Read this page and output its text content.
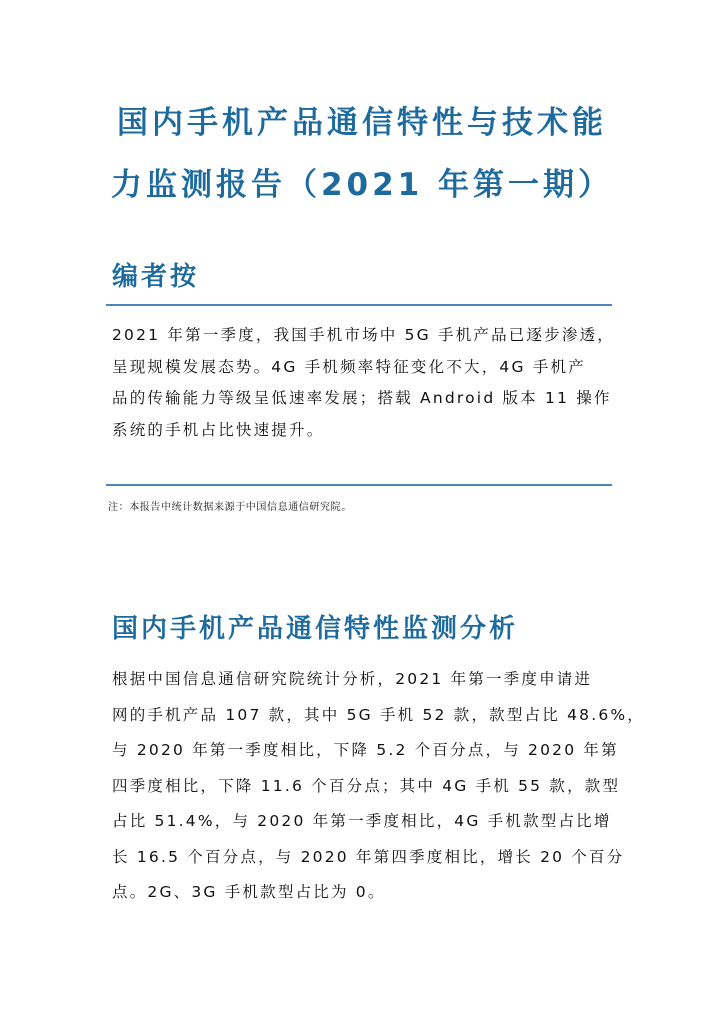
国内手机产品通信特性与技术能
力监测报告（2021 年第一期）
编者按
2021 年第一季度，我国手机市场中 5G 手机产品已逐步渗透，
呈现规模发展态势。4G 手机频率特征变化不大，4G 手机产
品的传输能力等级呈低速率发展；搭载 Android 版本 11 操作
系统的手机占比快速提升。
注：本报告中统计数据来源于中国信息通信研究院。
国内手机产品通信特性监测分析
根据中国信息通信研究院统计分析，2021 年第一季度申请进
网的手机产品 107 款，其中 5G 手机 52 款，款型占比 48.6%，
与 2020 年第一季度相比，下降 5.2 个百分点，与 2020 年第
四季度相比，下降 11.6 个百分点；其中 4G 手机 55 款，款型
占比 51.4%，与 2020 年第一季度相比，4G 手机款型占比增
长 16.5 个百分点，与 2020 年第四季度相比，增长 20 个百分
点。2G、3G 手机款型占比为 0。
